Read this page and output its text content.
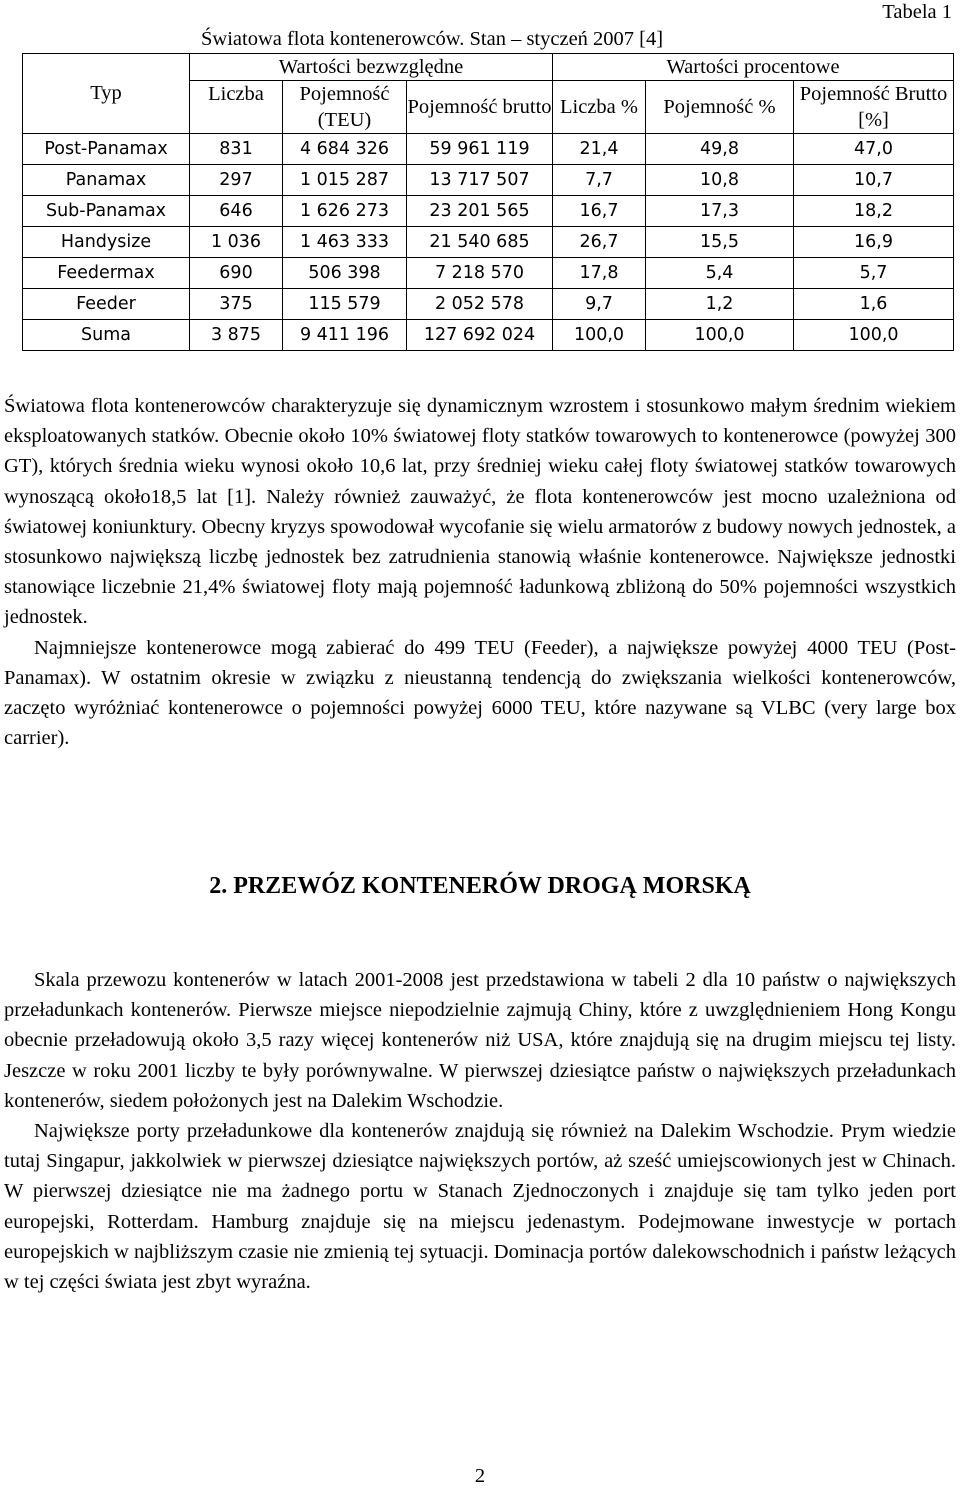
Tabela 1
Światowa flota kontenerowców. Stan – styczeń 2007 [4]

Typ	Wartości bezwzględne			Wartości procentowe		
	Liczba	Pojemność (TEU)	Pojemność brutto	Liczba %	Pojemność %	Pojemność Brutto [%]
Post-Panamax	831	4 684 326	59 961 119	21,4	49,8	47,0
Panamax	297	1 015 287	13 717 507	7,7	10,8	10,7
Sub-Panamax	646	1 626 273	23 201 565	16,7	17,3	18,2
Handysize	1 036	1 463 333	21 540 685	26,7	15,5	16,9
Feedermax	690	506 398	7 218 570	17,8	5,4	5,7
Feeder	375	115 579	2 052 578	9,7	1,2	1,6
Suma	3 875	9 411 196	127 692 024	100,0	100,0	100,0

Światowa flota kontenerowców charakteryzuje się dynamicznym wzrostem i stosunkowo małym średnim wiekiem eksploatowanych statków. Obecnie około 10% światowej floty statków towarowych to kontenerowce (powyżej 300 GT), których średnia wieku wynosi około 10,6 lat, przy średniej wieku całej floty światowej statków towarowych wynoszącą około18,5 lat [1]. Należy również zauważyć, że flota kontenerowców jest mocno uzależniona od światowej koniunktury. Obecny kryzys spowodował wycofanie się wielu armatorów z budowy nowych jednostek, a stosunkowo największą liczbę jednostek bez zatrudnienia stanowią właśnie kontenerowce. Największe jednostki stanowiące liczebnie 21,4% światowej floty mają pojemność ładunkową zbliżoną do 50% pojemności wszystkich jednostek.

Najmniejsze kontenerowce mogą zabierać do 499 TEU (Feeder), a największe powyżej 4000 TEU (Post-Panamax). W ostatnim okresie w związku z nieustanną tendencją do zwiększania wielkości kontenerowców, zaczęto wyróżniać kontenerowce o pojemności powyżej 6000 TEU, które nazywane są VLBC (very large box carrier).

2. PRZEWÓZ KONTENERÓW DROGĄ MORSKĄ

Skala przewozu kontenerów w latach 2001-2008 jest przedstawiona w tabeli 2 dla 10 państw o największych przeładunkach kontenerów. Pierwsze miejsce niepodzielnie zajmują Chiny, które z uwzględnieniem Hong Kongu obecnie przeładowują około 3,5 razy więcej kontenerów niż USA, które znajdują się na drugim miejscu tej listy. Jeszcze w roku 2001 liczby te były porównywalne. W pierwszej dziesiątce państw o największych przeładunkach kontenerów, siedem położonych jest na Dalekim Wschodzie.

Największe porty przeładunkowe dla kontenerów znajdują się również na Dalekim Wschodzie. Prym wiedzie tutaj Singapur, jakkolwiek w pierwszej dziesiątce największych portów, aż sześć umiejscowionych jest w Chinach. W pierwszej dziesiątce nie ma żadnego portu w Stanach Zjednoczonych i znajduje się tam tylko jeden port europejski, Rotterdam. Hamburg znajduje się na miejscu jedenastym. Podejmowane inwestycje w portach europejskich w najbliższym czasie nie zmienią tej sytuacji. Dominacja portów dalekowschodnich i państw leżących w tej części świata jest zbyt wyraźna.

2
